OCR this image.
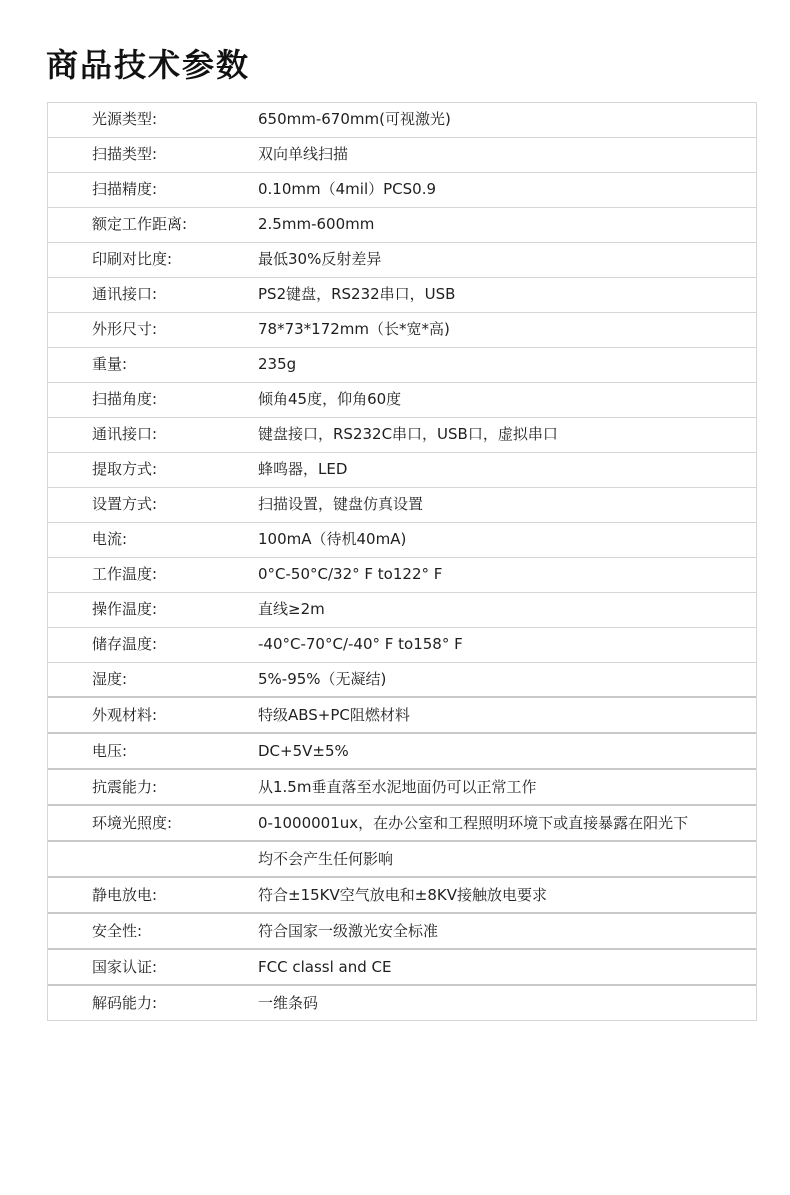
商品技术参数
光源类型:	650mm-670mm(可视激光)
扫描类型:	双向单线扫描
扫描精度:	0.10mm（4mil）PCS0.9
额定工作距离:	2.5mm-600mm
印刷对比度:	最低30%反射差异
通讯接口:	PS2键盘，RS232串口，USB
外形尺寸:	78*73*172mm（长*宽*高)
重量:	235g
扫描角度:	倾角45度，仰角60度
通讯接口:	键盘接口，RS232C串口，USB口，虚拟串口
提取方式:	蜂鸣器，LED
设置方式:	扫描设置，键盘仿真设置
电流:	100mA（待机40mA)
工作温度:	0°C-50°C/32° F to122° F
操作温度:	直线≥2m
储存温度:	-40°C-70°C/-40° F to158° F
湿度:	5%-95%（无凝结)
外观材料:	特级ABS+PC阻燃材料
电压:	DC+5V±5%
抗震能力:	从1.5m垂直落至水泥地面仍可以正常工作
环境光照度:	0-1000001ux，在办公室和工程照明环境下或直接暴露在阳光下
均不会产生任何影响
静电放电:	符合±15KV空气放电和±8KV接触放电要求
安全性:	符合国家一级激光安全标准
国家认证:	FCC classl and CE
解码能力:	一维条码
